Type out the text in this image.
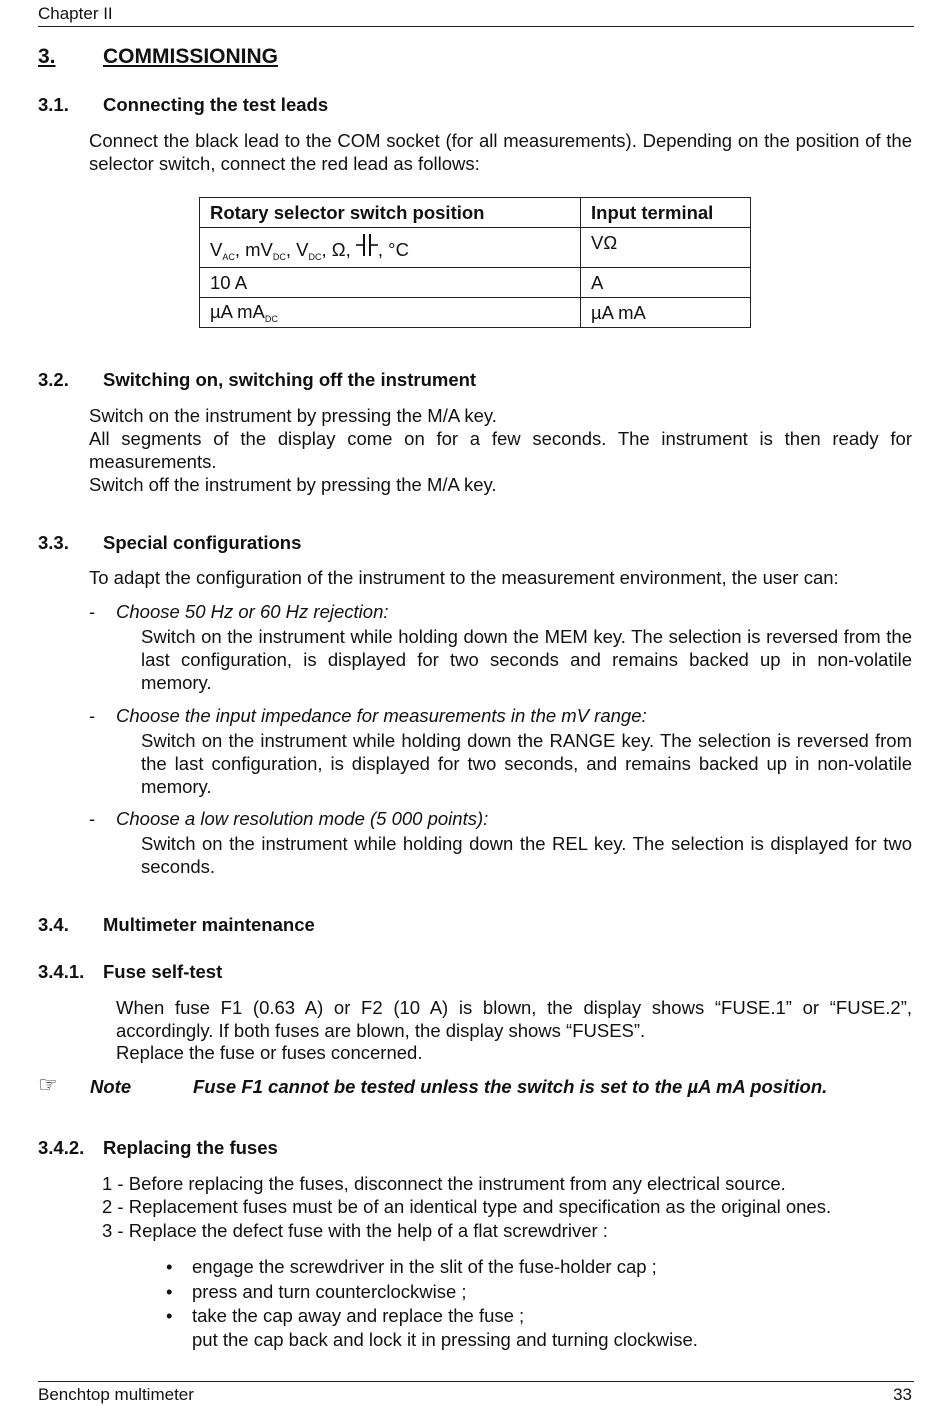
Chapter II
3. COMMISSIONING
3.1. Connecting the test leads
Connect the black lead to the COM socket (for all measurements). Depending on the position of the selector switch, connect the red lead as follows:
Rotary selector switch position	Input terminal
$V_{AC}$, $mV_{DC}$, $V_{DC}$, Ω, , °C	VΩ
10 A	A
µA $mA_{DC}$	µA mA
3.2. Switching on, switching off the instrument
Switch on the instrument by pressing the M/A key.
All segments of the display come on for a few seconds. The instrument is then ready for measurements.
Switch off the instrument by pressing the M/A key.
3.3. Special configurations
To adapt the configuration of the instrument to the measurement environment, the user can:
- Choose 50 Hz or 60 Hz rejection:
Switch on the instrument while holding down the MEM key. The selection is reversed from the last configuration, is displayed for two seconds and remains backed up in non-volatile memory.
- Choose the input impedance for measurements in the mV range:
Switch on the instrument while holding down the RANGE key. The selection is reversed from the last configuration, is displayed for two seconds, and remains backed up in non-volatile memory.
- Choose a low resolution mode (5 000 points):
Switch on the instrument while holding down the REL key. The selection is displayed for two seconds.
3.4. Multimeter maintenance
3.4.1. Fuse self-test
When fuse F1 (0.63 A) or F2 (10 A) is blown, the display shows “FUSE.1” or “FUSE.2”, accordingly. If both fuses are blown, the display shows “FUSES”.
Replace the fuse or fuses concerned.
☞ Note	Fuse F1 cannot be tested unless the switch is set to the µA mA position.
3.4.2. Replacing the fuses
1 - Before replacing the fuses, disconnect the instrument from any electrical source.
2 - Replacement fuses must be of an identical type and specification as the original ones.
3 - Replace the defect fuse with the help of a flat screwdriver :
• engage the screwdriver in the slit of the fuse-holder cap ;
• press and turn counterclockwise ;
• take the cap away and replace the fuse ;
put the cap back and lock it in pressing and turning clockwise.
Benchtop multimeter	33
